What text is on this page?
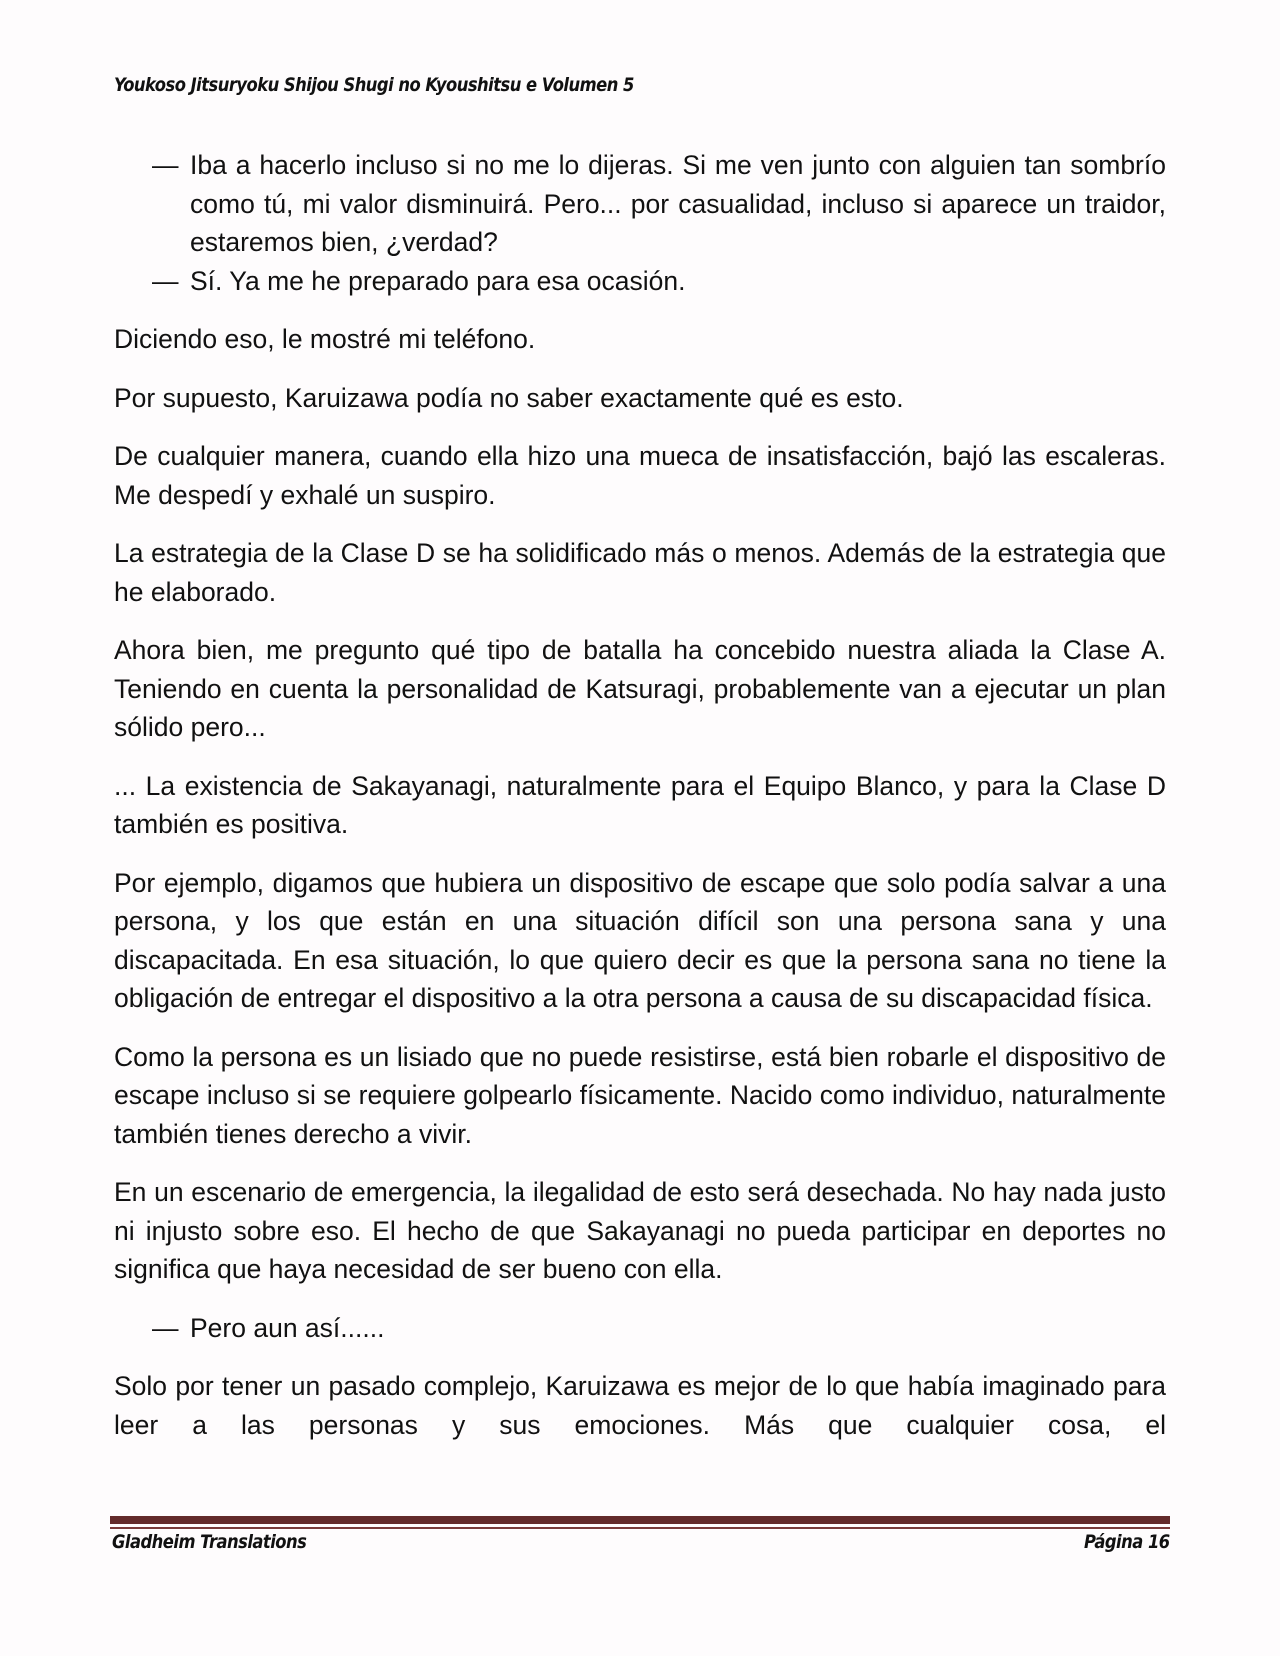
Youkoso Jitsuryoku Shijou Shugi no Kyoushitsu e Volumen 5
— Iba a hacerlo incluso si no me lo dijeras. Si me ven junto con alguien tan sombrío como tú, mi valor disminuirá. Pero... por casualidad, incluso si aparece un traidor, estaremos bien, ¿verdad?
— Sí. Ya me he preparado para esa ocasión.

Diciendo eso, le mostré mi teléfono.

Por supuesto, Karuizawa podía no saber exactamente qué es esto.

De cualquier manera, cuando ella hizo una mueca de insatisfacción, bajó las escaleras. Me despedí y exhalé un suspiro.

La estrategia de la Clase D se ha solidificado más o menos. Además de la estrategia que he elaborado.

Ahora bien, me pregunto qué tipo de batalla ha concebido nuestra aliada la Clase A. Teniendo en cuenta la personalidad de Katsuragi, probablemente van a ejecutar un plan sólido pero...

... La existencia de Sakayanagi, naturalmente para el Equipo Blanco, y para la Clase D también es positiva.

Por ejemplo, digamos que hubiera un dispositivo de escape que solo podía salvar a una persona, y los que están en una situación difícil son una persona sana y una discapacitada. En esa situación, lo que quiero decir es que la persona sana no tiene la obligación de entregar el dispositivo a la otra persona a causa de su discapacidad física.

Como la persona es un lisiado que no puede resistirse, está bien robarle el dispositivo de escape incluso si se requiere golpearlo físicamente. Nacido como individuo, naturalmente también tienes derecho a vivir.

En un escenario de emergencia, la ilegalidad de esto será desechada. No hay nada justo ni injusto sobre eso. El hecho de que Sakayanagi no pueda participar en deportes no significa que haya necesidad de ser bueno con ella.

— Pero aun así......

Solo por tener un pasado complejo, Karuizawa es mejor de lo que había imaginado para leer a las personas y sus emociones. Más que cualquier cosa, el

Gladheim Translations	Página 16
